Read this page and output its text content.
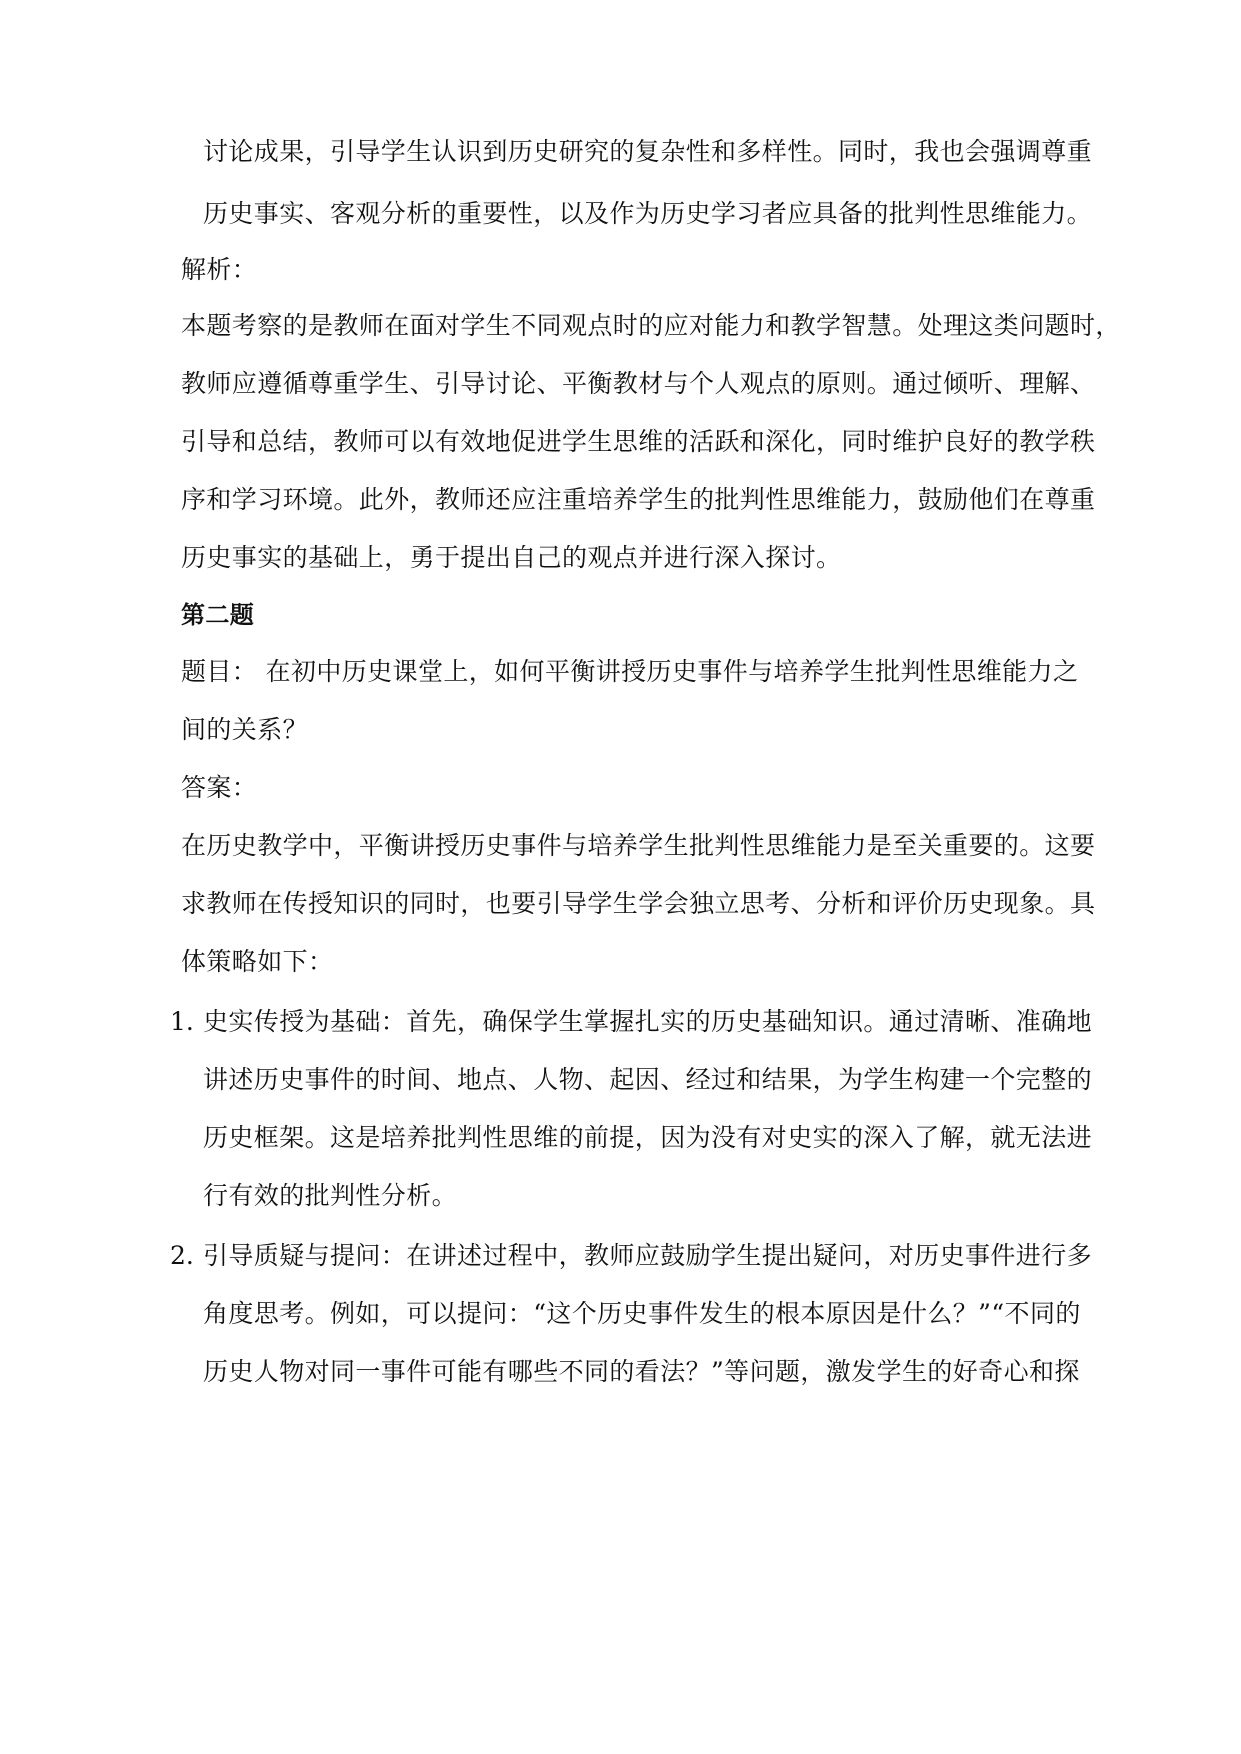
讨论成果，引导学生认识到历史研究的复杂性和多样性。同时，我也会强调尊重
历史事实、客观分析的重要性，以及作为历史学习者应具备的批判性思维能力。
解析：
本题考察的是教师在面对学生不同观点时的应对能力和教学智慧。处理这类问题时，
教师应遵循尊重学生、引导讨论、平衡教材与个人观点的原则。通过倾听、理解、
引导和总结，教师可以有效地促进学生思维的活跃和深化，同时维护良好的教学秩
序和学习环境。此外，教师还应注重培养学生的批判性思维能力，鼓励他们在尊重
历史事实的基础上，勇于提出自己的观点并进行深入探讨。
第二题
题目： 在初中历史课堂上，如何平衡讲授历史事件与培养学生批判性思维能力之
间的关系？
答案：
在历史教学中，平衡讲授历史事件与培养学生批判性思维能力是至关重要的。这要
求教师在传授知识的同时，也要引导学生学会独立思考、分析和评价历史现象。具
体策略如下：
1. 史实传授为基础：首先，确保学生掌握扎实的历史基础知识。通过清晰、准确地
讲述历史事件的时间、地点、人物、起因、经过和结果，为学生构建一个完整的
历史框架。这是培养批判性思维的前提，因为没有对史实的深入了解，就无法进
行有效的批判性分析。
2. 引导质疑与提问：在讲述过程中，教师应鼓励学生提出疑问，对历史事件进行多
角度思考。例如，可以提问：“这个历史事件发生的根本原因是什么？”“不同的
历史人物对同一事件可能有哪些不同的看法？”等问题，激发学生的好奇心和探
